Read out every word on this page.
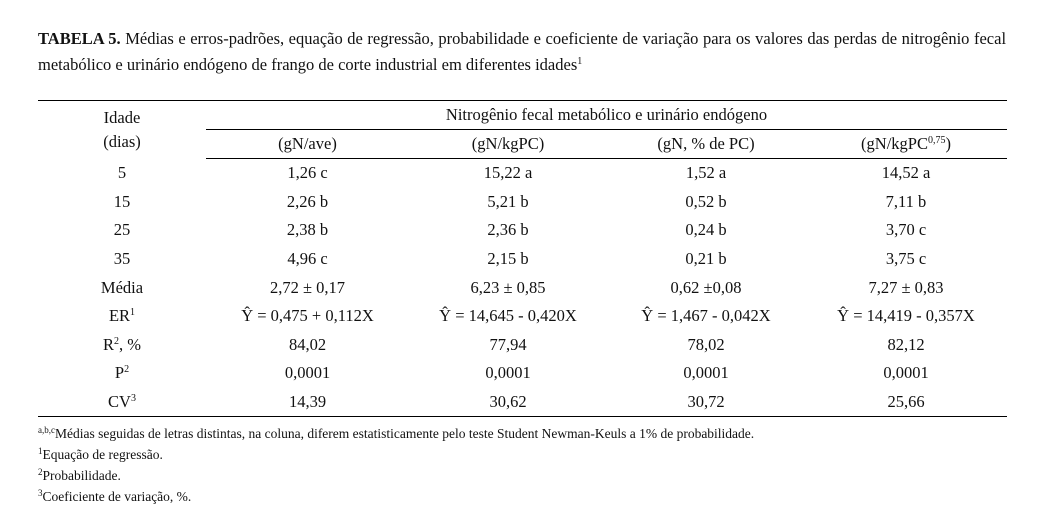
TABELA 5. Médias e erros-padrões, equação de regressão, probabilidade e coeficiente de variação para os valores das perdas de nitrogênio fecal metabólico e urinário endógeno de frango de corte industrial em diferentes idades$^1$
Idade
(dias)	Nitrogênio fecal metabólico e urinário endógeno			
	(gN/ave)	(gN/kgPC)	(gN, % de PC)	(gN/kgPC$^{0,75}$)
5	1,26 c	15,22 a	1,52 a	14,52 a
15	2,26 b	5,21 b	0,52 b	7,11 b
25	2,38 b	2,36 b	0,24 b	3,70 c
35	4,96 c	2,15 b	0,21 b	3,75 c
Média	2,72 ± 0,17	6,23 ± 0,85	0,62 ±0,08	7,27 ± 0,83
$ER^1$	Ŷ = 0,475 + 0,112X	Ŷ = 14,645 - 0,420X	Ŷ = 1,467 - 0,042X	Ŷ = 14,419 - 0,357X
$R^2$, %	84,02	77,94	78,02	82,12
$P^2$	0,0001	0,0001	0,0001	0,0001
$CV^3$	14,39	30,62	30,72	25,66
$^{a,b,c}$Médias seguidas de letras distintas, na coluna, diferem estatisticamente pelo teste Student Newman-Keuls a 1% de probabilidade.
$^1$Equação de regressão.
$^2$Probabilidade.
$^3$Coeficiente de variação, %.
